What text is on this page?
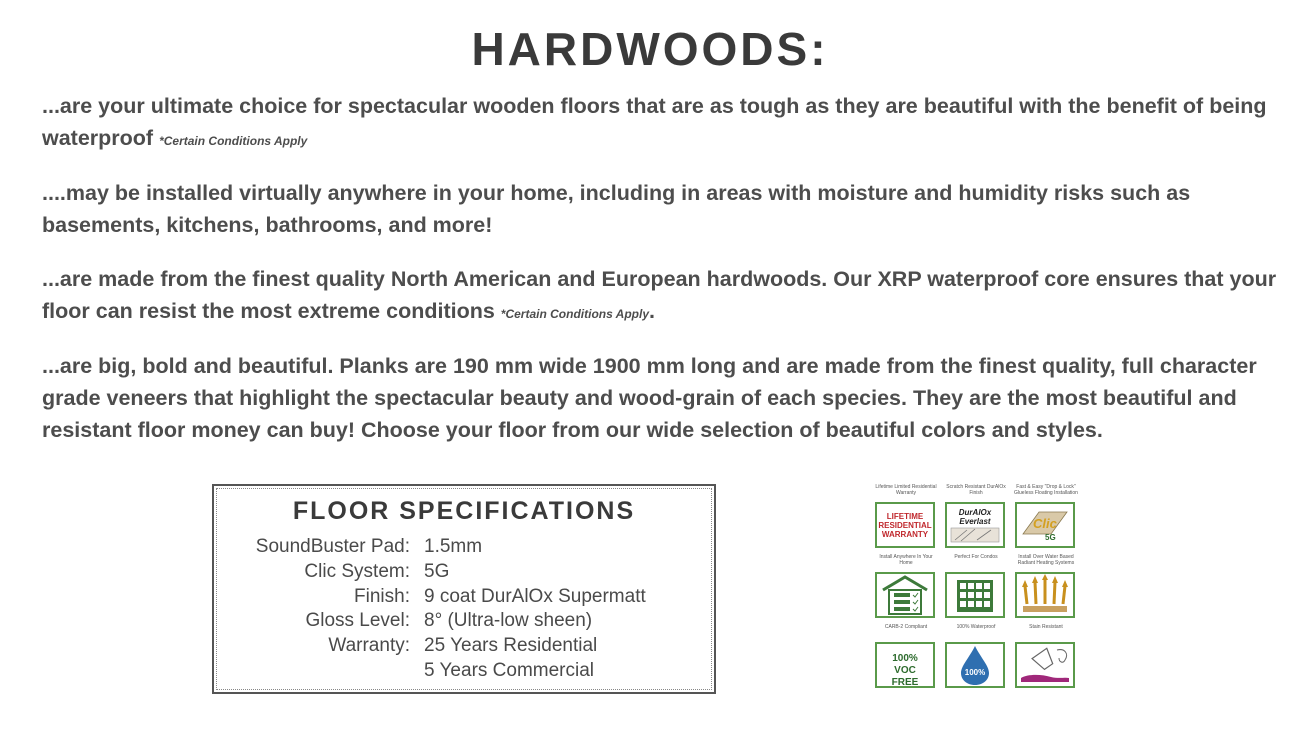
HARDWOODS:

...are your ultimate choice for spectacular wooden floors that are as tough as they are beautiful with the benefit of being waterproof *Certain Conditions Apply

....may be installed virtually anywhere in your home, including in areas with moisture and humidity risks such as basements, kitchens, bathrooms, and more!

...are made from the finest quality North American and European hardwoods. Our XRP waterproof core ensures that your floor can resist the most extreme conditions *Certain Conditions Apply.

...are big, bold and beautiful. Planks are 190 mm wide 1900 mm long and are made from the finest quality, full character grade veneers that highlight the spectacular beauty and wood-grain of each species. They are the most beautiful and resistant floor money can buy! Choose your floor from our wide selection of beautiful colors and styles.

FLOOR SPECIFICATIONS
SoundBuster Pad: 1.5mm
Clic System: 5G
Finish: 9 coat DurAlOx Supermatt
Gloss Level: 8° (Ultra-low sheen)
Warranty: 25 Years Residential
5 Years Commercial
Lifetime Limited Residential Warranty
LIFETIME RESIDENTIAL WARRANTY
Scratch Resistant DurAlOx Finish
DurAlOx Everlast
Fast & Easy "Drop & Lock" Glueless Floating Installation
Clic
5G
Install Anywhere In Your Home
Perfect For Condos	Install Over Water Based Radiant Heating Systems
CARB-2 Compliant
100% VOC FREE
100% Waterproof
100%
Stain Resistant
